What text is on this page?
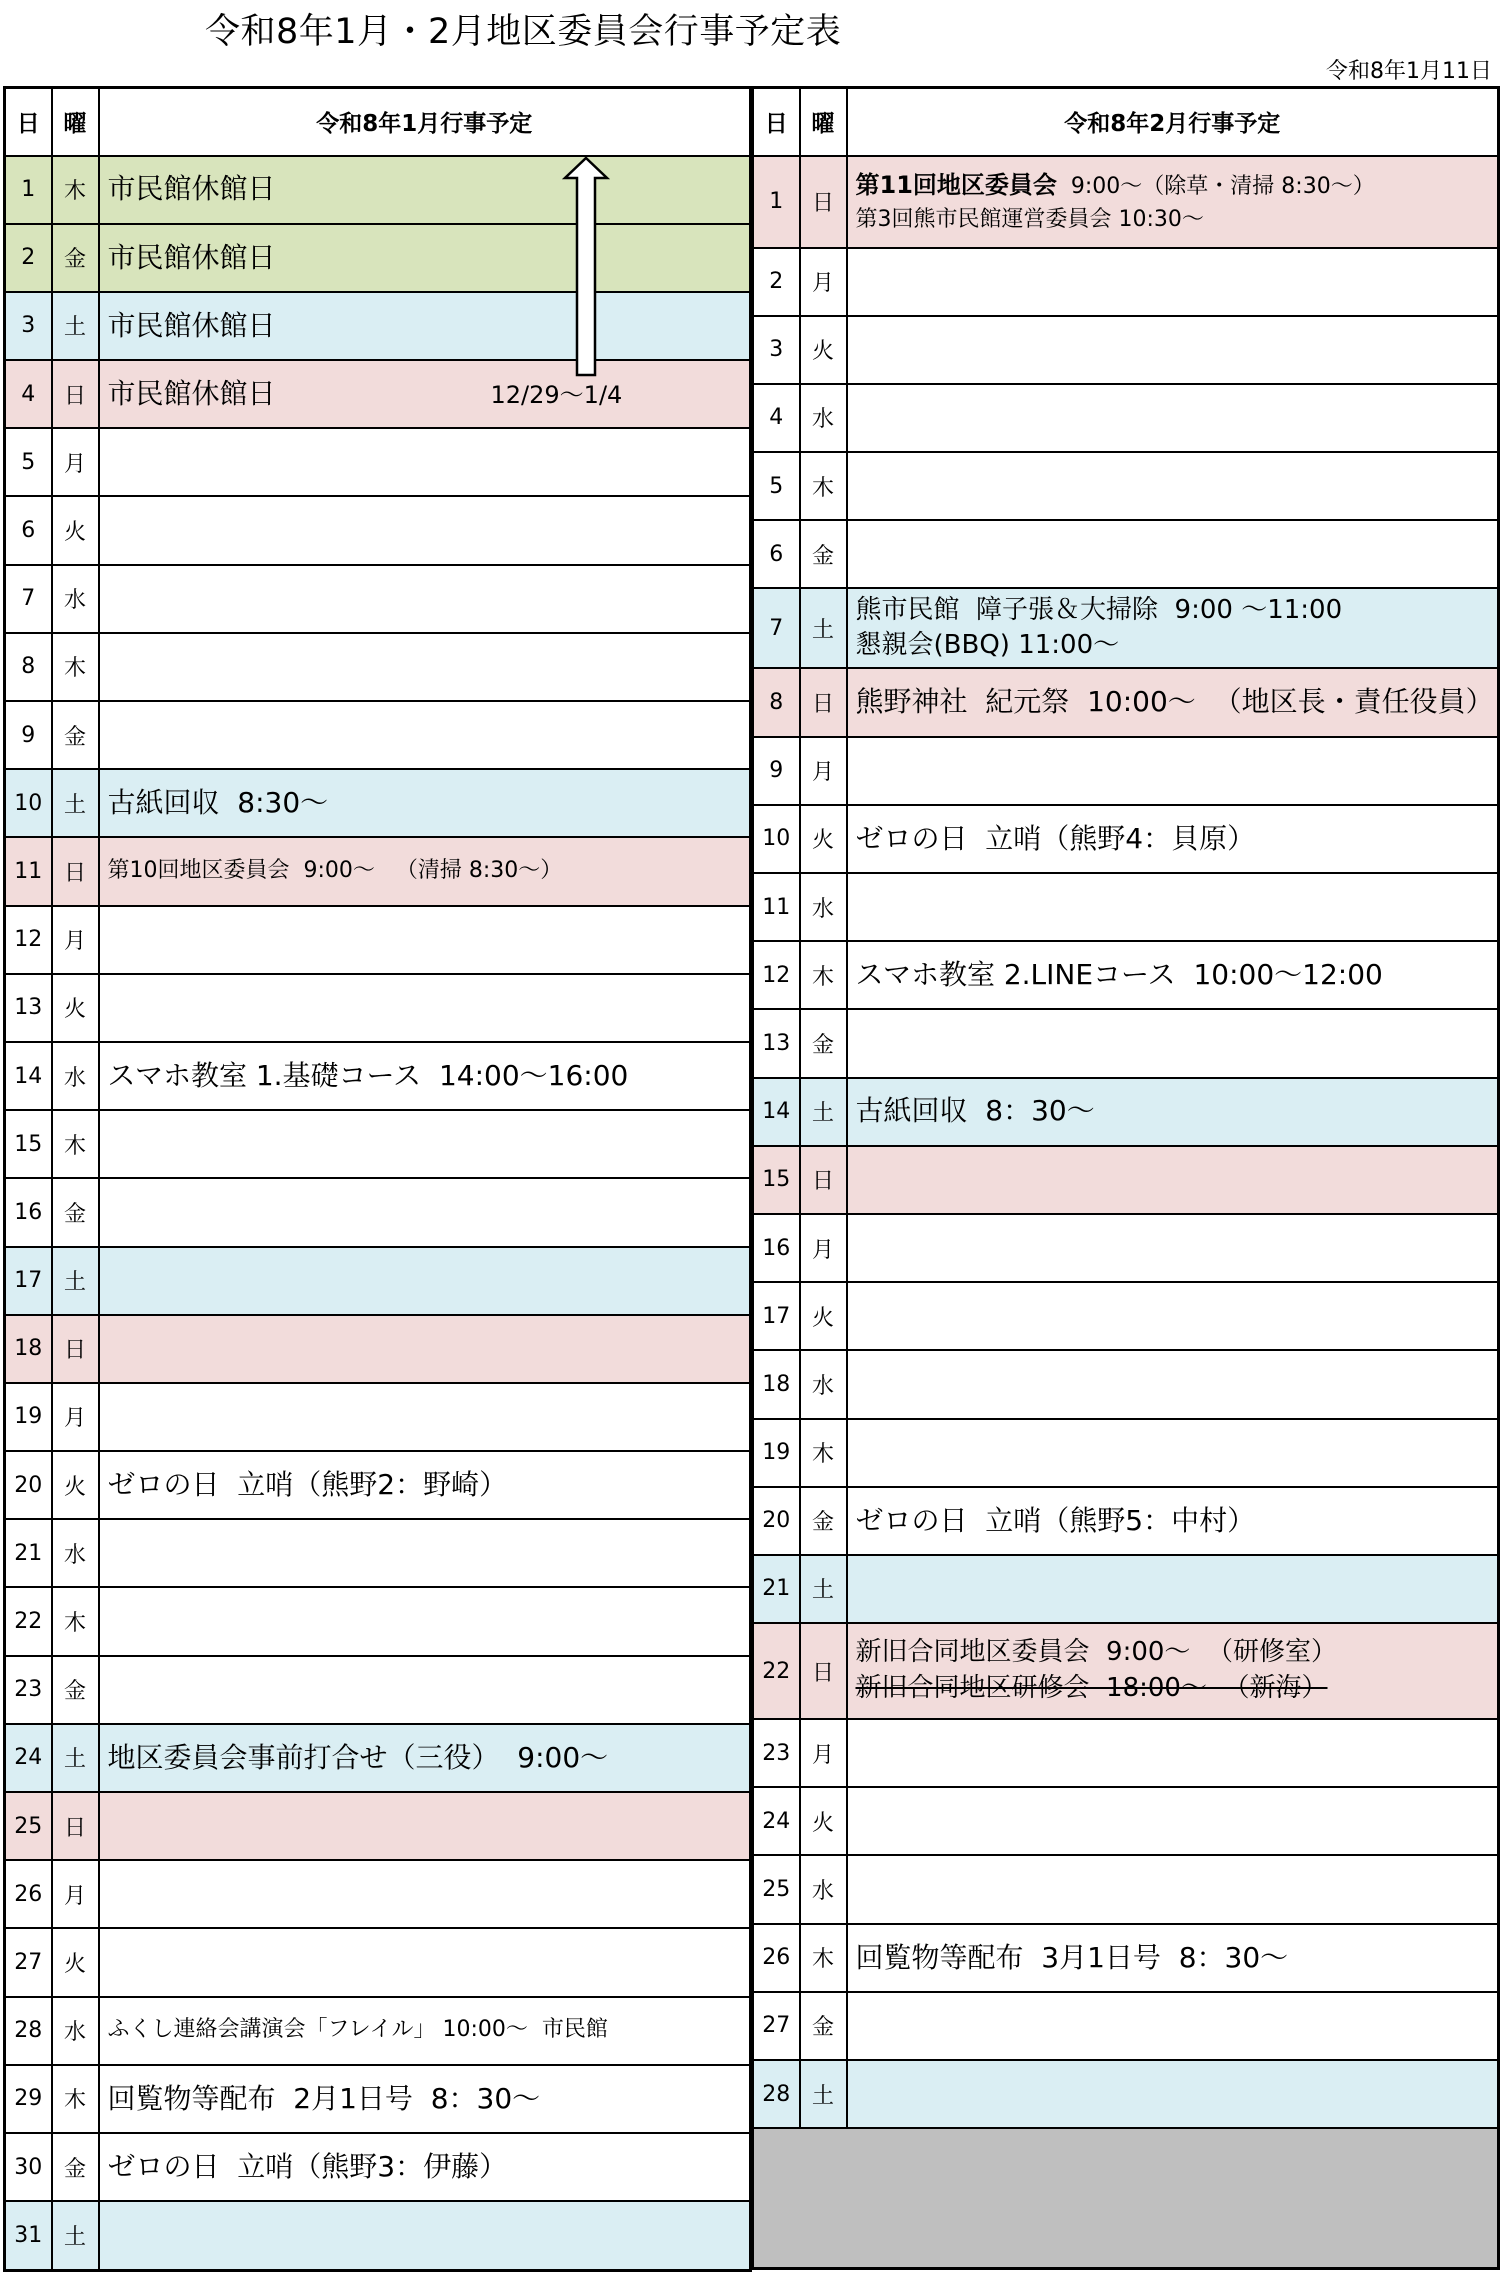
令和8年1月・2月地区委員会行事予定表
令和8年1月11日
日	曜	令和8年1月行事予定
1	木	市民館休館日
2	金	市民館休館日
3	土	市民館休館日
4	日	市民館休館日 12/29～1/4
5	月	
6	火	
7	水	
8	木	
9	金	
10	土	古紙回収  8:30～
11	日	第10回地区委員会  9:00～   （清掃 8:30～）
12	月	
13	火	
14	水	スマホ教室 1.基礎コース  14:00～16:00
15	木	
16	金	
17	土	
18	日	
19	月	
20	火	ゼロの日  立哨（熊野2：野崎）
21	水	
22	木	
23	金	
24	土	地区委員会事前打合せ（三役）  9:00～
25	日	
26	月	
27	火	
28	水	ふくし連絡会講演会「フレイル」 10:00～  市民館
29	木	回覧物等配布  2月1日号  8：30～
30	金	ゼロの日  立哨（熊野3：伊藤）
31	土	
日	曜	令和8年2月行事予定
1	日	第11回地区委員会  9:00～（除草・清掃 8:30～）
第3回熊市民館運営委員会 10:30～
2	月	
3	火	
4	水	
5	木	
6	金	
7	土	熊市民館  障子張＆大掃除  9:00 ～11:00
懇親会(BBQ) 11:00～
8	日	熊野神社  紀元祭  10:00～  （地区長・責任役員）
9	月	
10	火	ゼロの日  立哨（熊野4：貝原）
11	水	
12	木	スマホ教室 2.LINEコース  10:00～12:00
13	金	
14	土	古紙回収  8：30～
15	日	
16	月	
17	火	
18	水	
19	木	
20	金	ゼロの日  立哨（熊野5：中村）
21	土	
22	日	新旧合同地区委員会  9:00～  （研修室）
新旧合同地区研修会  18:00～  （新海）
23	月	
24	火	
25	水	
26	木	回覧物等配布  3月1日号  8：30～
27	金	
28	土	
